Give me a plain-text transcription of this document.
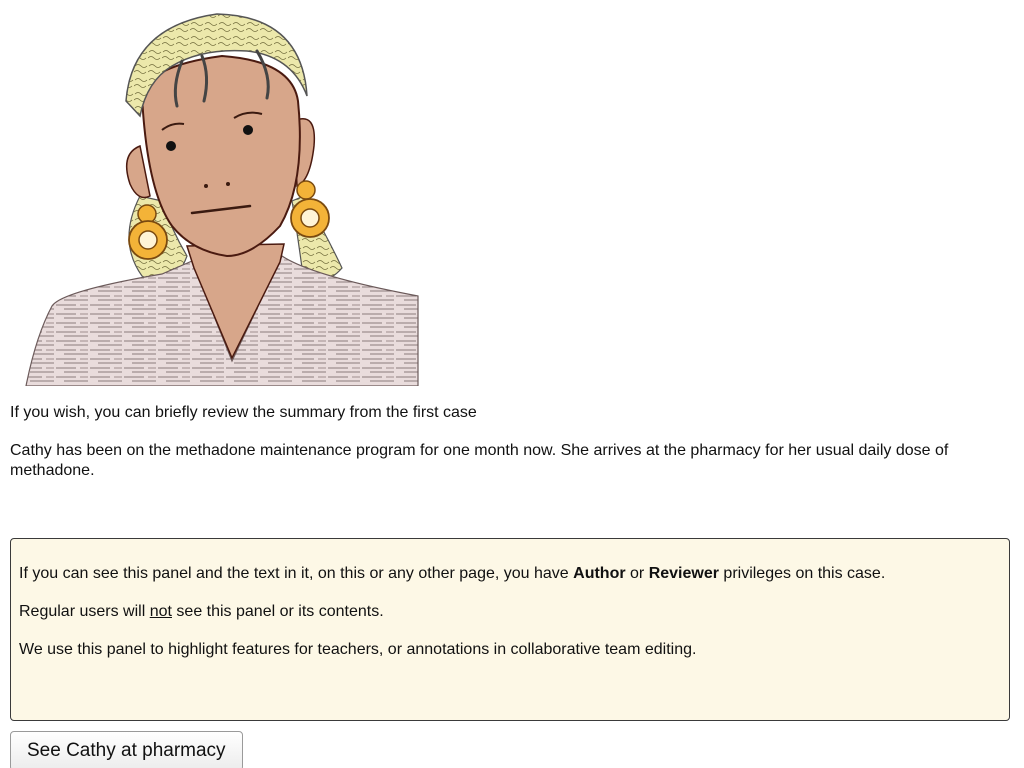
If you wish, you can briefly review the summary from the first case

Cathy has been on the methadone maintenance program for one month now. She arrives at the pharmacy for her usual daily dose of methadone.

If you can see this panel and the text in it, on this or any other page, you have Author or Reviewer privileges on this case.

Regular users will not see this panel or its contents.

We use this panel to highlight features for teachers, or annotations in collaborative team editing.

See Cathy at pharmacy
